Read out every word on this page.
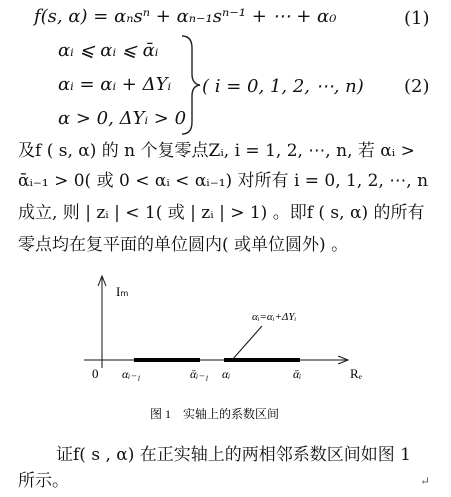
f(s, α) = αₙsⁿ + αₙ₋₁sⁿ⁻¹ + ⋯ + α₀	(1)
αᵢ ⩽ αᵢ ⩽ ᾱᵢ
αᵢ = αᵢ + ΔYᵢ
α > 0, ΔYᵢ > 0
( i = 0, 1, 2, ⋯, n) (2)
及f ( s, α) 的 n 个复零点Zᵢ, i = 1, 2, ⋯, n, 若 αᵢ >
ᾱᵢ₋₁ > 0( 或 0 < αᵢ < αᵢ₋₁) 对所有 i = 0, 1, 2, ⋯, n
成立, 则 | zᵢ | < 1( 或 | zᵢ | > 1) 。即f ( s, α) 的所有
零点均在复平面的单位圆内( 或单位圆外) 。
Iₘ
Rₑ
0 αᵢ₋₁	ᾱᵢ₋₁ αᵢ	ᾱᵢ
αᵢ=αᵢ+ΔYᵢ
图 1　实轴上的系数区间
证f( s , α) 在正实轴上的两相邻系数区间如图 1
所示。	↵
